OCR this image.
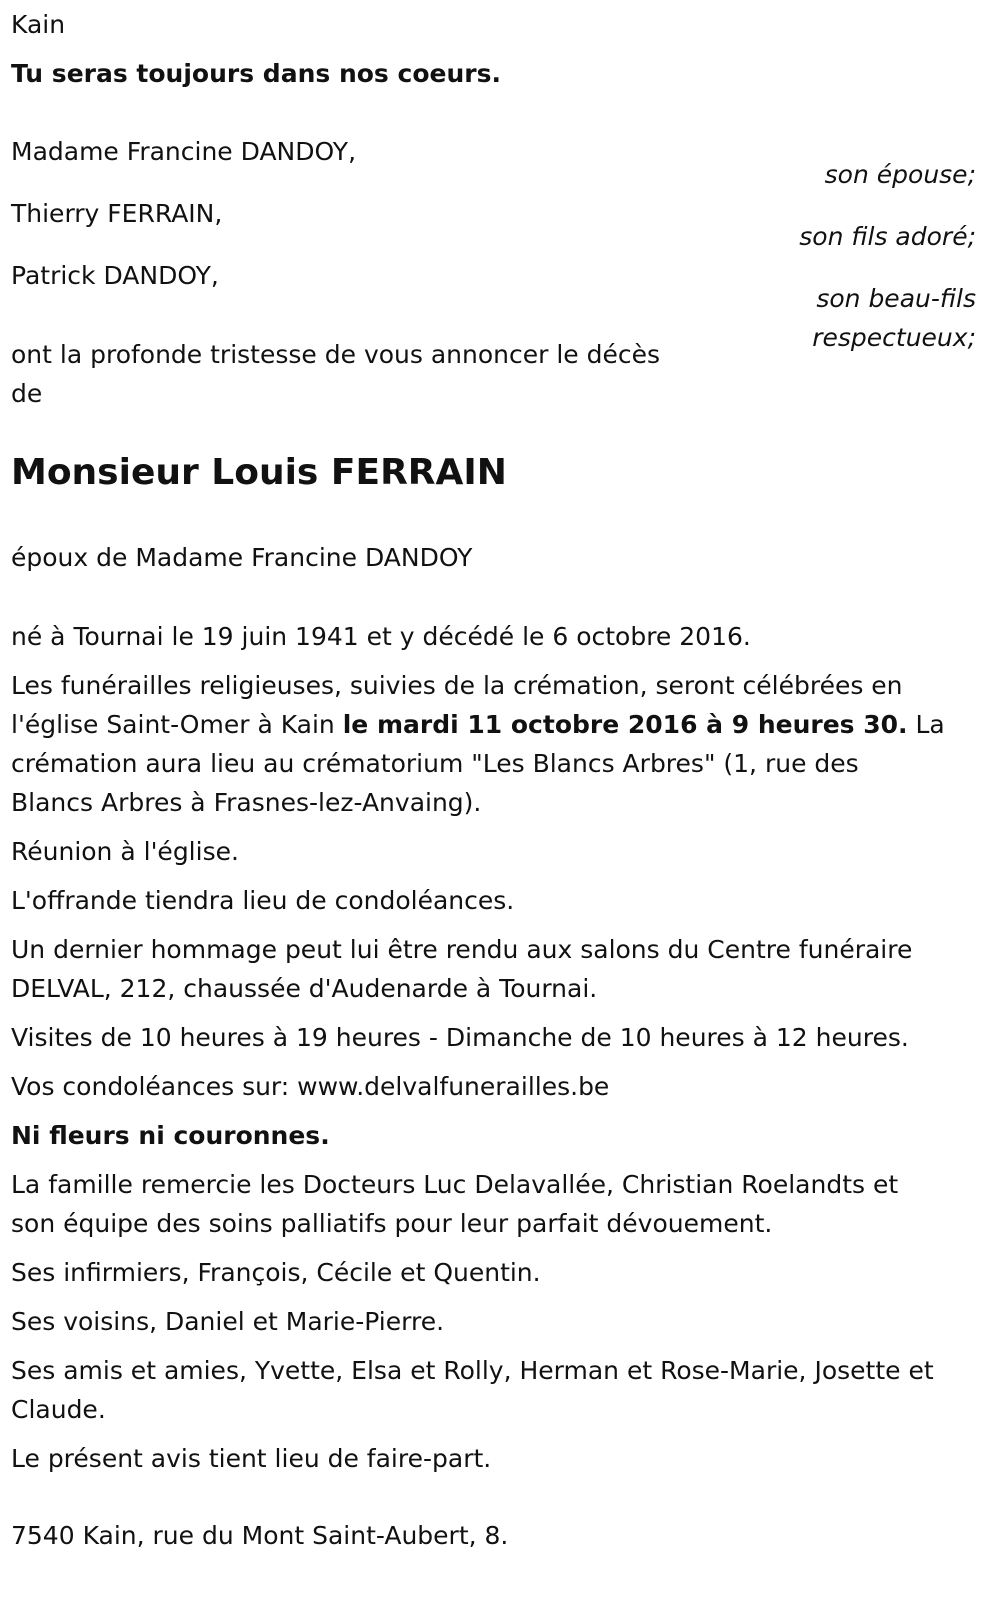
Kain
Tu seras toujours dans nos coeurs.
Madame Francine DANDOY,
Thierry FERRAIN,
Patrick DANDOY,
son épouse;
son fils adoré;
son beau-fils
respectueux;
ont la profonde tristesse de vous annoncer le décès
de
Monsieur Louis FERRAIN
époux de Madame Francine DANDOY
né à Tournai le 19 juin 1941 et y décédé le 6 octobre 2016.
Les funérailles religieuses, suivies de la crémation, seront célébrées en
l'église Saint-Omer à Kain le mardi 11 octobre 2016 à 9 heures 30. La
crémation aura lieu au crématorium "Les Blancs Arbres" (1, rue des
Blancs Arbres à Frasnes-lez-Anvaing).
Réunion à l'église.
L'offrande tiendra lieu de condoléances.
Un dernier hommage peut lui être rendu aux salons du Centre funéraire
DELVAL, 212, chaussée d'Audenarde à Tournai.
Visites de 10 heures à 19 heures - Dimanche de 10 heures à 12 heures.
Vos condoléances sur: www.delvalfunerailles.be
Ni fleurs ni couronnes.
La famille remercie les Docteurs Luc Delavallée, Christian Roelandts et
son équipe des soins palliatifs pour leur parfait dévouement.
Ses infirmiers, François, Cécile et Quentin.
Ses voisins, Daniel et Marie-Pierre.
Ses amis et amies, Yvette, Elsa et Rolly, Herman et Rose-Marie, Josette et
Claude.
Le présent avis tient lieu de faire-part.
7540 Kain, rue du Mont Saint-Aubert, 8.
